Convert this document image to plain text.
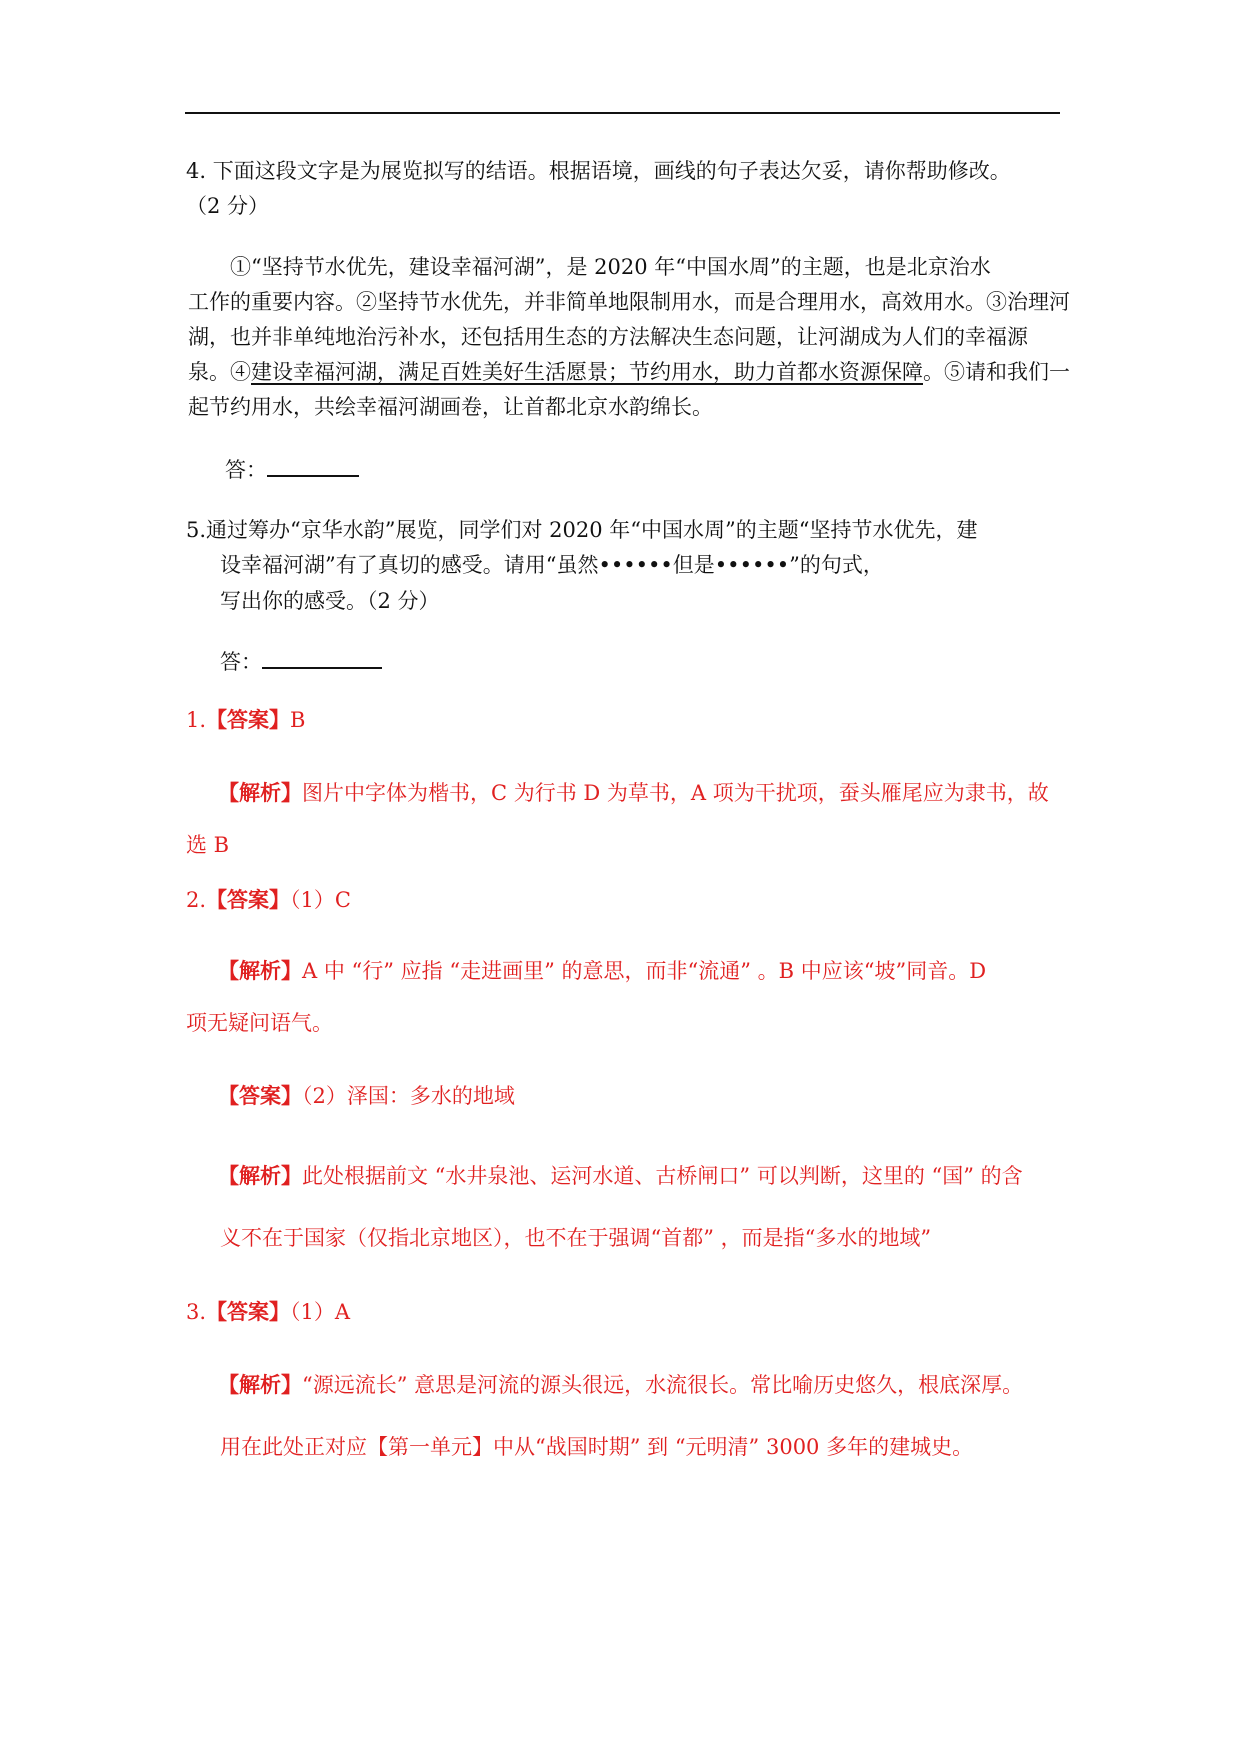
4. 下面这段文字是为展览拟写的结语。根据语境，画线的句子表达欠妥，请你帮助修改。
（2 分）
①“坚持节水优先，建设幸福河湖”，是 2020 年“中国水周”的主题，也是北京治水
工作的重要内容。②坚持节水优先，并非简单地限制用水，而是合理用水，高效用水。③治理河
湖，也并非单纯地治污补水，还包括用生态的方法解决生态问题，让河湖成为人们的幸福源
泉。④建设幸福河湖，满足百姓美好生活愿景；节约用水，助力首都水资源保障。⑤请和我们一
起节约用水，共绘幸福河湖画卷，让首都北京水韵绵长。
答：
5.通过筹办“京华水韵”展览，同学们对 2020 年“中国水周”的主题“坚持节水优先，建
设幸福河湖”有了真切的感受。请用“虽然••••••但是••••••”的句式，
写出你的感受。（2 分）
答：
1.【答案】B
【解析】图片中字体为楷书，C 为行书 D 为草书，A 项为干扰项，蚕头雁尾应为隶书，故
选 B
2.【答案】（1）C
【解析】A 中 “行” 应指 “走进画里” 的意思，而非“流通” 。B 中应该“坡”同音。D
项无疑问语气。
【答案】（2）泽国：多水的地域
【解析】此处根据前文 “水井泉池、运河水道、古桥闸口” 可以判断，这里的 “国” 的含
义不在于国家（仅指北京地区），也不在于强调“首都” ，而是指“多水的地域”
3.【答案】（1）A
【解析】“源远流长” 意思是河流的源头很远，水流很长。常比喻历史悠久，根底深厚。
用在此处正对应【第一单元】中从“战国时期” 到 “元明清” 3000 多年的建城史。
